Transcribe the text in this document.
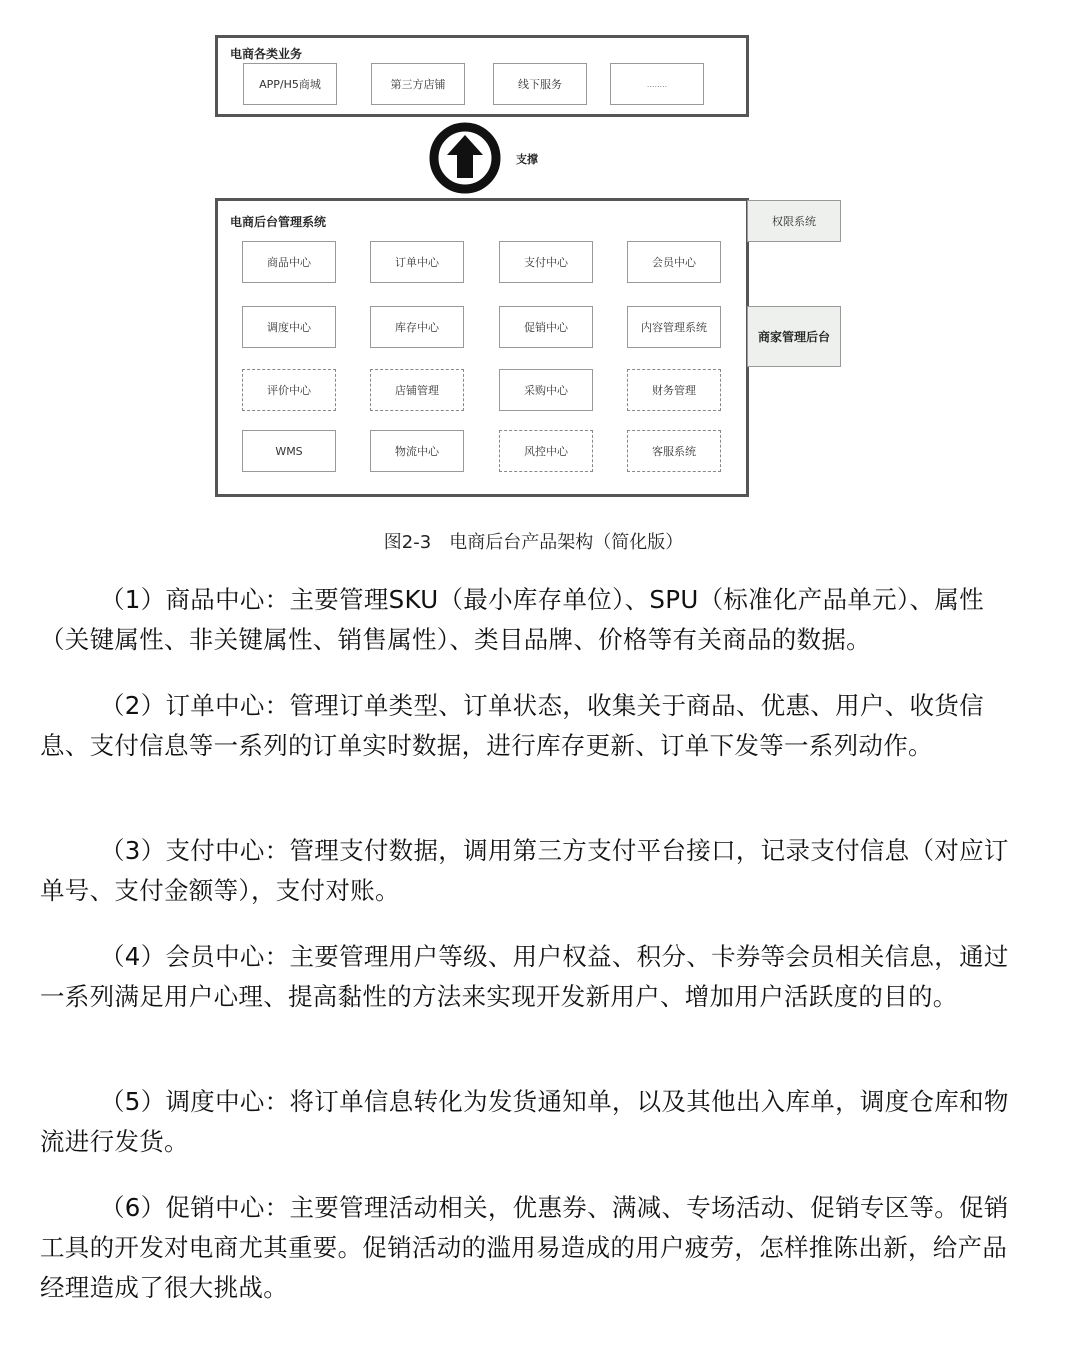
电商各类业务
APP/H5商城	第三方店铺	线下服务	........
支撑
电商后台管理系统
商品中心	订单中心	支付中心	会员中心
调度中心	库存中心	促销中心	内容管理系统
评价中心	店铺管理	采购中心	财务管理
WMS	物流中心	风控中心	客服系统
权限系统
商家管理后台
图2-3　电商后台产品架构（简化版）

（1）商品中心：主要管理SKU（最小库存单位）、SPU（标准化产品单元）、属性（关键属性、非关键属性、销售属性）、类目品牌、价格等有关商品的数据。

（2）订单中心：管理订单类型、订单状态，收集关于商品、优惠、用户、收货信息、支付信息等一系列的订单实时数据，进行库存更新、订单下发等一系列动作。

（3）支付中心：管理支付数据，调用第三方支付平台接口，记录支付信息（对应订单号、支付金额等），支付对账。

（4）会员中心：主要管理用户等级、用户权益、积分、卡券等会员相关信息，通过一系列满足用户心理、提高黏性的方法来实现开发新用户、增加用户活跃度的目的。

（5）调度中心：将订单信息转化为发货通知单，以及其他出入库单，调度仓库和物流进行发货。

（6）促销中心：主要管理活动相关，优惠券、满减、专场活动、促销专区等。促销工具的开发对电商尤其重要。促销活动的滥用易造成的用户疲劳，怎样推陈出新，给产品经理造成了很大挑战。
